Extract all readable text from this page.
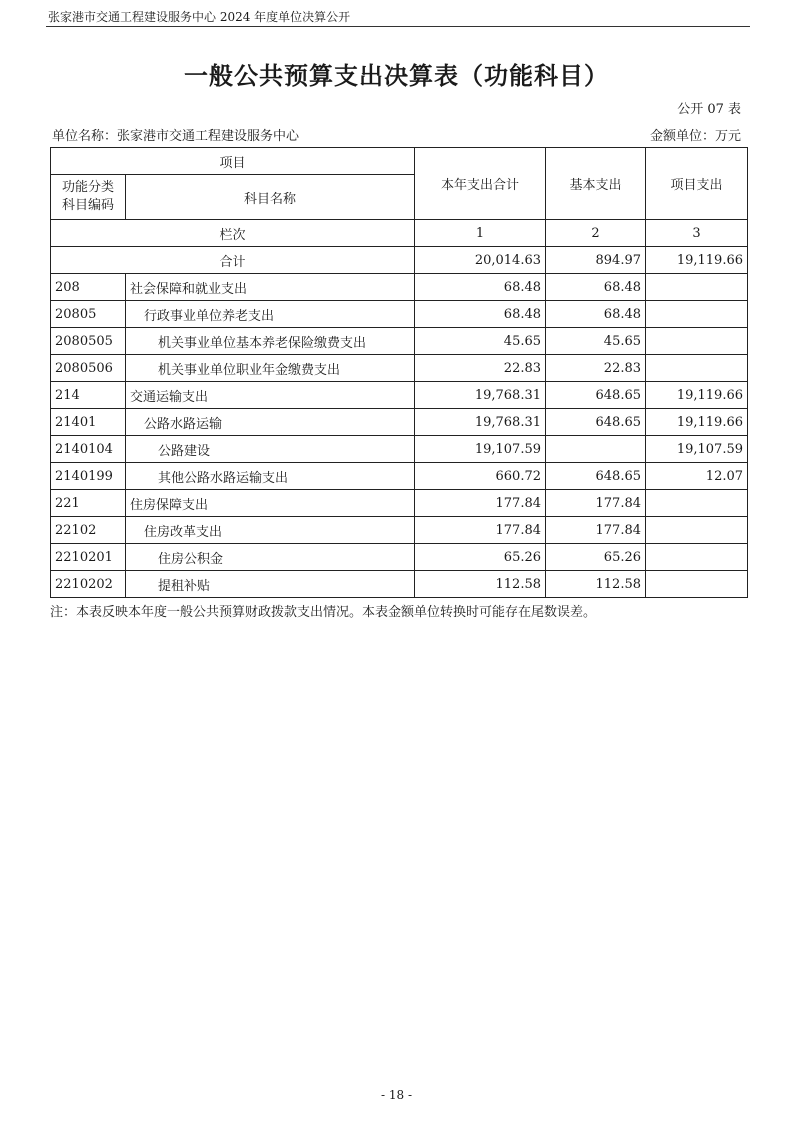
张家港市交通工程建设服务中心 2024 年度单位决算公开
一般公共预算支出决算表（功能科目）
公开 07 表
单位名称：张家港市交通工程建设服务中心	金额单位：万元
项目		本年支出合计	基本支出	项目支出

功能分类
科目编码	科目名称			
栏次		1	2	3
合计		20,014.63	894.97	19,119.66
208	社会保障和就业支出	68.48	68.48	
20805	行政事业单位养老支出	68.48	68.48	
2080505	机关事业单位基本养老保险缴费支出	45.65	45.65	
2080506	机关事业单位职业年金缴费支出	22.83	22.83	
214	交通运输支出	19,768.31	648.65	19,119.66
21401	公路水路运输	19,768.31	648.65	19,119.66
2140104	公路建设	19,107.59		19,107.59
2140199	其他公路水路运输支出	660.72	648.65	12.07
221	住房保障支出	177.84	177.84	
22102	住房改革支出	177.84	177.84	
2210201	住房公积金	65.26	65.26	
2210202	提租补贴	112.58	112.58	
注：本表反映本年度一般公共预算财政拨款支出情况。本表金额单位转换时可能存在尾数误差。
- 18 -
